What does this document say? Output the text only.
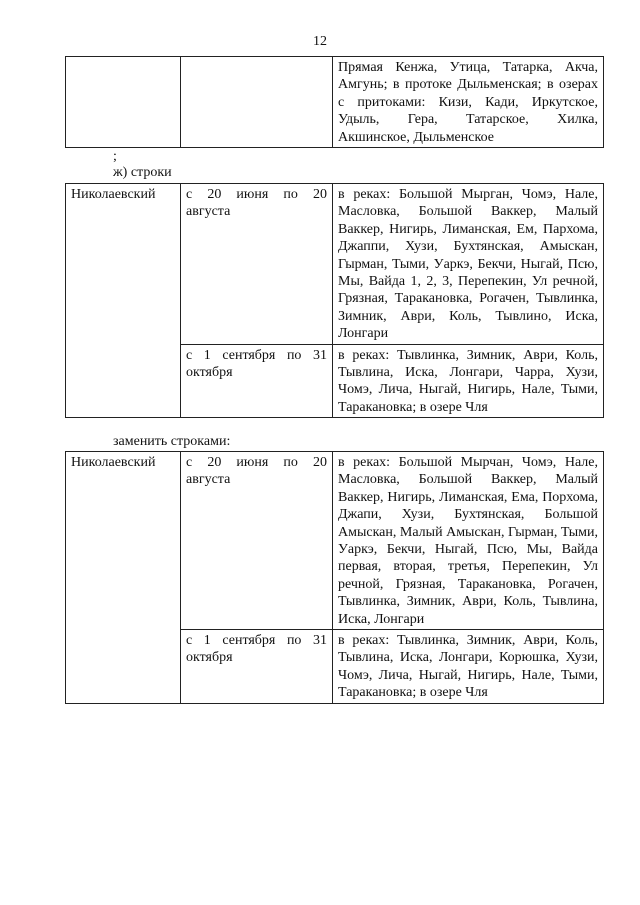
12
		Прямая Кенжа, Утица, Татарка, Акча, Амгунь; в протоке Дыльменская; в озерах с притоками: Кизи, Кади, Иркутское, Удыль, Гера, Татарское, Хилка, Акшинское, Дыльменское
;
ж) строки
Николаевский	с 20 июня по 20 августа	в реках: Большой Мырган, Чомэ, Нале, Масловка, Большой Ваккер, Малый Ваккер, Нигирь, Лиманская, Ем, Пархома, Джаппи, Хузи, Бухтянская, Амыскан, Гырман, Тыми, Уаркэ, Бекчи, Ныгай, Псю, Мы, Вайда 1, 2, 3, Перепекин, Ул речной, Грязная, Таракановка, Рогачен, Тывлинка, Зимник, Аври, Коль, Тывлино, Иска, Лонгари
	с 1 сентября по 31 октября	в реках: Тывлинка, Зимник, Аври, Коль, Тывлина, Иска, Лонгари, Чарра, Хузи, Чомэ, Лича, Ныгай, Нигирь, Нале, Тыми, Таракановка; в озере Чля
заменить строками:
Николаевский	с 20 июня по 20 августа	в реках: Большой Мырчан, Чомэ, Нале, Масловка, Большой Ваккер, Малый Ваккер, Нигирь, Лиманская, Ема, Порхома, Джапи, Хузи, Бухтянская, Большой Амыскан, Малый Амыскан, Гырман, Тыми, Уаркэ, Бекчи, Ныгай, Псю, Мы, Вайда первая, вторая, третья, Перепекин, Ул речной, Грязная, Таракановка, Рогачен, Тывлинка, Зимник, Аври, Коль, Тывлина, Иска, Лонгари
	с 1 сентября по 31 октября	в реках: Тывлинка, Зимник, Аври, Коль, Тывлина, Иска, Лонгари, Корюшка, Хузи, Чомэ, Лича, Ныгай, Нигирь, Нале, Тыми, Таракановка; в озере Чля
